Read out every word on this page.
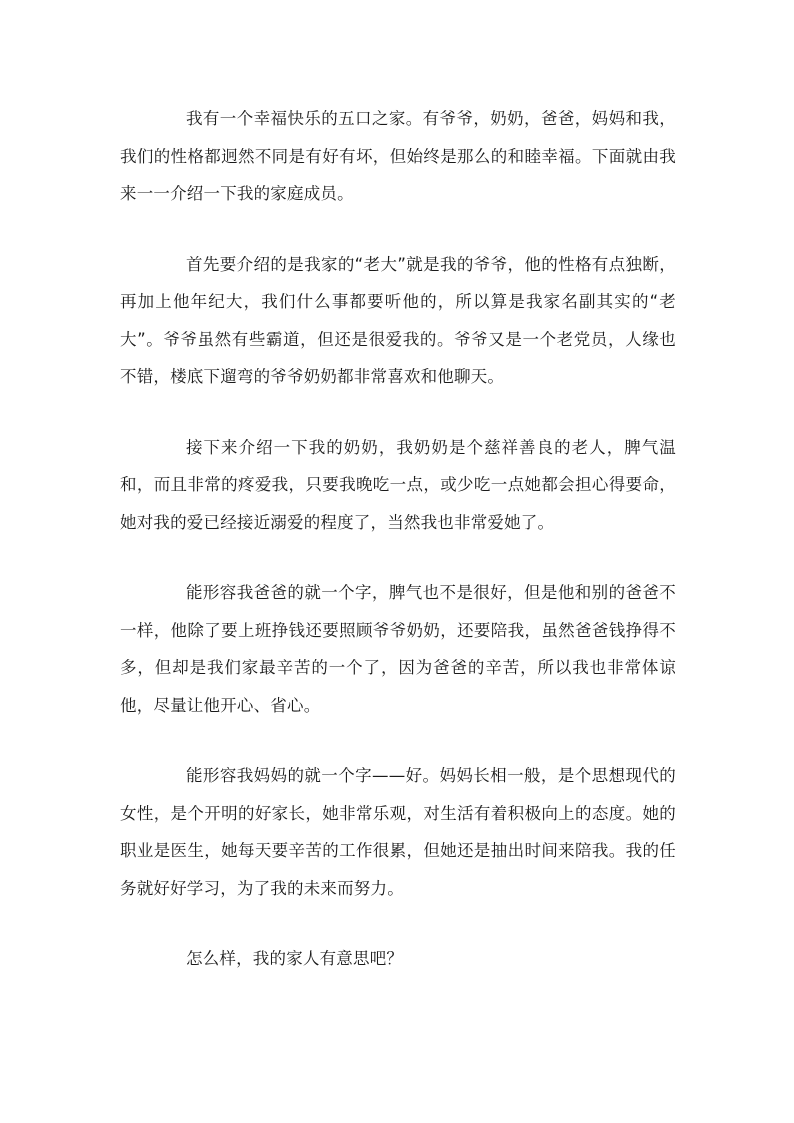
我有一个幸福快乐的五口之家。有爷爷，奶奶，爸爸，妈妈和我，我们的性格都迥然不同是有好有坏，但始终是那么的和睦幸福。下面就由我来一一介绍一下我的家庭成员。

首先要介绍的是我家的“老大”就是我的爷爷，他的性格有点独断，再加上他年纪大，我们什么事都要听他的，所以算是我家名副其实的“老大”。爷爷虽然有些霸道，但还是很爱我的。爷爷又是一个老党员，人缘也不错，楼底下遛弯的爷爷奶奶都非常喜欢和他聊天。

接下来介绍一下我的奶奶，我奶奶是个慈祥善良的老人，脾气温和，而且非常的疼爱我，只要我晚吃一点，或少吃一点她都会担心得要命，她对我的爱已经接近溺爱的程度了，当然我也非常爱她了。

能形容我爸爸的就一个字，脾气也不是很好，但是他和别的爸爸不一样，他除了要上班挣钱还要照顾爷爷奶奶，还要陪我，虽然爸爸钱挣得不多，但却是我们家最辛苦的一个了，因为爸爸的辛苦，所以我也非常体谅他，尽量让他开心、省心。

能形容我妈妈的就一个字——好。妈妈长相一般，是个思想现代的女性，是个开明的好家长，她非常乐观，对生活有着积极向上的态度。她的职业是医生，她每天要辛苦的工作很累，但她还是抽出时间来陪我。我的任务就好好学习，为了我的未来而努力。

怎么样，我的家人有意思吧？
